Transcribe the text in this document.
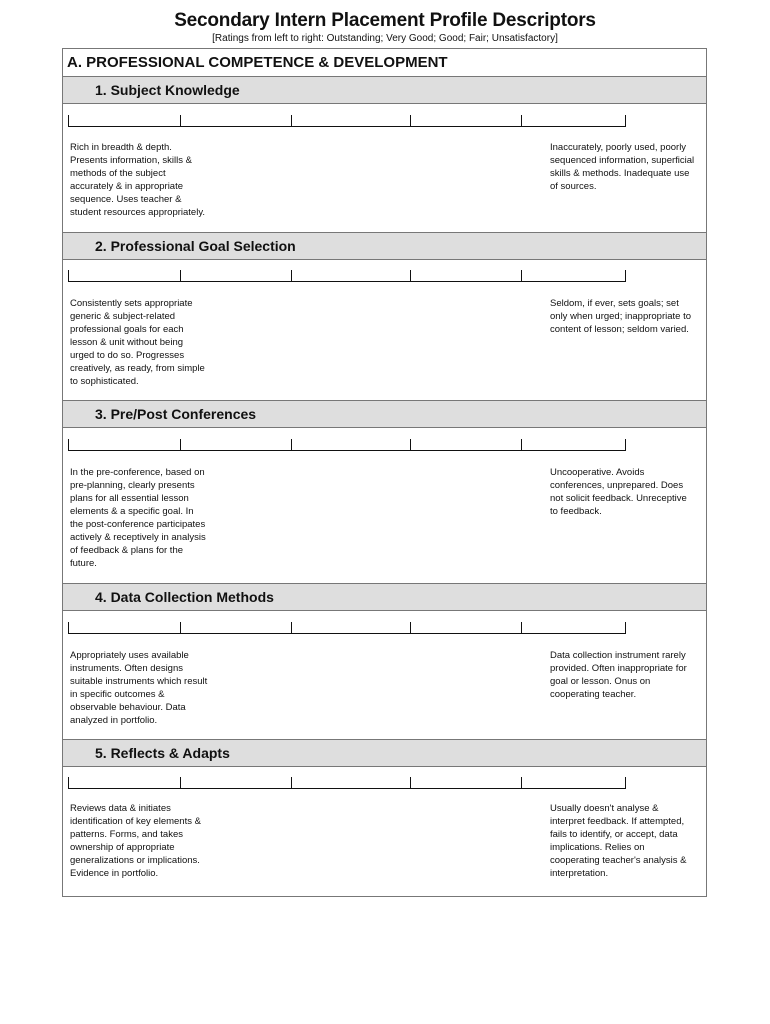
Secondary Intern Placement Profile Descriptors
[Ratings from left to right: Outstanding; Very Good; Good; Fair; Unsatisfactory]
A. PROFESSIONAL COMPETENCE & DEVELOPMENT
1. Subject Knowledge
Rich in breadth & depth.
Presents information, skills &
methods of the subject
accurately & in appropriate
sequence. Uses teacher &
student resources appropriately.
Inaccurately, poorly used, poorly
sequenced information, superficial
skills & methods. Inadequate use
of sources.
2. Professional Goal Selection
Consistently sets appropriate
generic & subject-related
professional goals for each
lesson & unit without being
urged to do so. Progresses
creatively, as ready, from simple
to sophisticated.
Seldom, if ever, sets goals; set
only when urged; inappropriate to
content of lesson; seldom varied.
3. Pre/Post Conferences
In the pre-conference, based on
pre-planning, clearly presents
plans for all essential lesson
elements & a specific goal. In
the post-conference participates
actively & receptively in analysis
of feedback & plans for the
future.
Uncooperative. Avoids
conferences, unprepared. Does
not solicit feedback. Unreceptive
to feedback.
4. Data Collection Methods
Appropriately uses available
instruments. Often designs
suitable instruments which result
in specific outcomes &
observable behaviour. Data
analyzed in portfolio.
Data collection instrument rarely
provided. Often inappropriate for
goal or lesson. Onus on
cooperating teacher.
5. Reflects & Adapts
Reviews data & initiates
identification of key elements &
patterns. Forms, and takes
ownership of appropriate
generalizations or implications.
Evidence in portfolio.
Usually doesn't analyse &
interpret feedback. If attempted,
fails to identify, or accept, data
implications. Relies on
cooperating teacher's analysis &
interpretation.
